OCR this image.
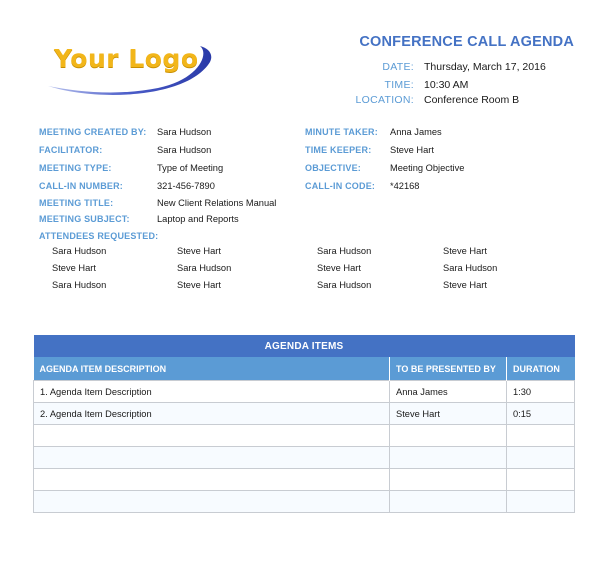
Your Logo
CONFERENCE CALL AGENDA
DATE: Thursday, March 17, 2016
TIME: 10:30 AM
LOCATION: Conference Room B
MEETING CREATED BY: Sara Hudson
FACILITATOR:	Sara Hudson
MEETING TYPE:	Type of Meeting
CALL-IN NUMBER:	321-456-7890
MEETING TITLE:	New Client Relations Manual
MEETING SUBJECT:	Laptop and Reports
MINUTE TAKER: Anna James
TIME KEEPER: Steve Hart
OBJECTIVE:	Meeting Objective
CALL-IN CODE: *42168
ATTENDEES REQUESTED:
Sara Hudson	Steve Hart	Sara Hudson	Steve Hart
Steve Hart	Sara Hudson	Steve Hart	Sara Hudson
Sara Hudson	Steve Hart	Sara Hudson	Steve Hart
AGENDA ITEMS		
AGENDA ITEM DESCRIPTION	TO BE PRESENTED BY	DURATION
1. Agenda Item Description	Anna James	1:30
2. Agenda Item Description	Steve Hart	0:15
